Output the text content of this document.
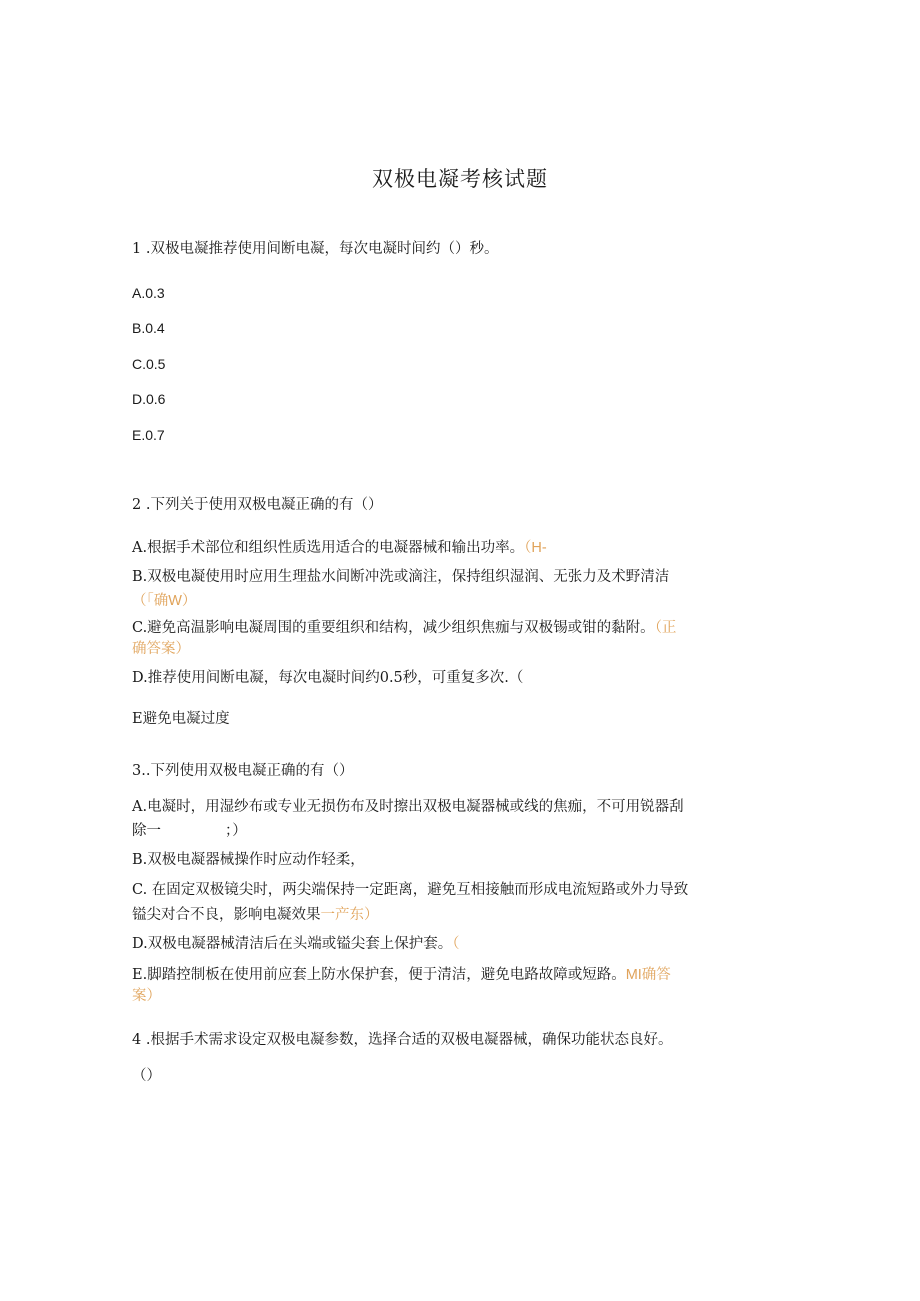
双极电凝考核试题
1 .双极电凝推荐使用间断电凝，每次电凝时间约（）秒。
A.0.3
B.0.4
C.0.5
D.0.6
E.0.7
2 .下列关于使用双极电凝正确的有（）
A.根据手术部位和组织性质选用适合的电凝器械和输出功率。（H-
B.双极电凝使用时应用生理盐水间断冲洗或滴注，保持组织湿润、无张力及术野清洁
（「确W）
C.避免高温影响电凝周围的重要组织和结构，减少组织焦痂与双极锡或钳的黏附。（正
确答案）
D.推荐使用间断电凝，每次电凝时间约0.5秒，可重复多次.（
E避免电凝过度
3..下列使用双极电凝正确的有（）
A.电凝时，用湿纱布或专业无损伤布及时擦出双极电凝器械或线的焦痂，不可用锐器刮
除一	；）
B.双极电凝器械操作时应动作轻柔，
C. 在固定双极镜尖时，两尖端保持一定距离，避免互相接触而形成电流短路或外力导致
镒尖对合不良，影响电凝效果一产东）
D.双极电凝器械清洁后在头端或镒尖套上保护套。（
E.脚踏控制板在使用前应套上防水保护套，便于清洁，避免电路故障或短路。MI确答
案）
4 .根据手术需求设定双极电凝参数，选择合适的双极电凝器械，确保功能状态良好。
（）
